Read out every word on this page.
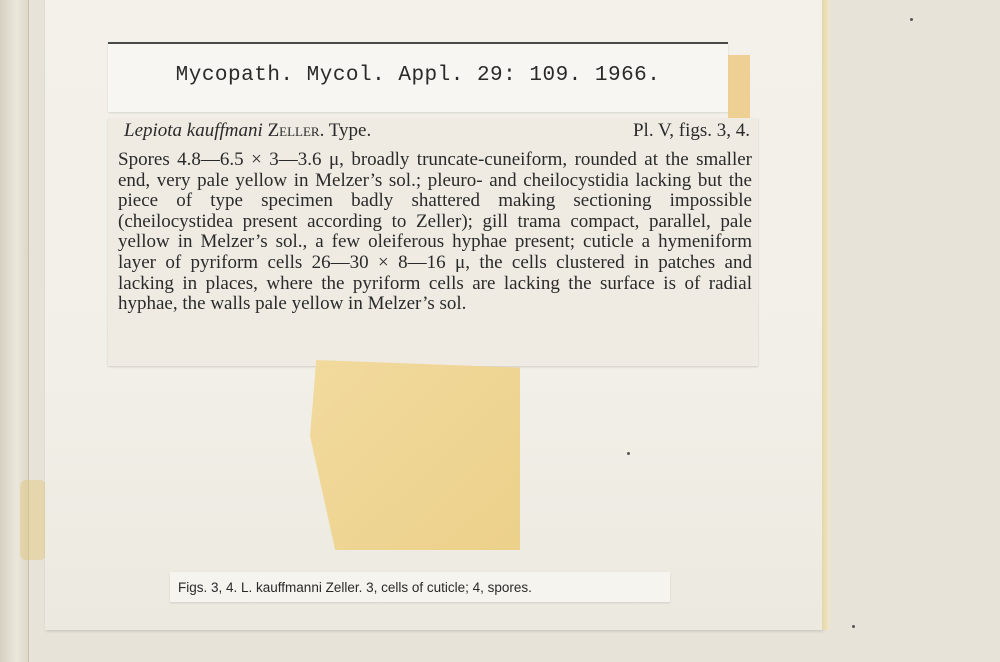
Mycopath. Mycol. Appl. 29: 109. 1966.
Lepiota kauffmani Zeller. Type.	Pl. V, figs. 3, 4.
Spores 4.8—6.5 × 3—3.6 μ, broadly truncate-cuneiform, rounded at the smaller end, very pale yellow in Melzer’s sol.; pleuro- and cheilocystidia lacking but the piece of type specimen badly shattered making sectioning impossible (cheilocystidea present according to Zeller); gill trama compact, parallel, pale yellow in Melzer’s sol., a few oleiferous hyphae present; cuticle a hymeniform layer of pyriform cells 26—30 × 8—16 μ, the cells clustered in patches and lacking in places, where the pyriform cells are lacking the surface is of radial hyphae, the walls pale yellow in Melzer’s sol.
Figs. 3, 4. L. kauffmanni Zeller. 3, cells of cuticle; 4, spores.
